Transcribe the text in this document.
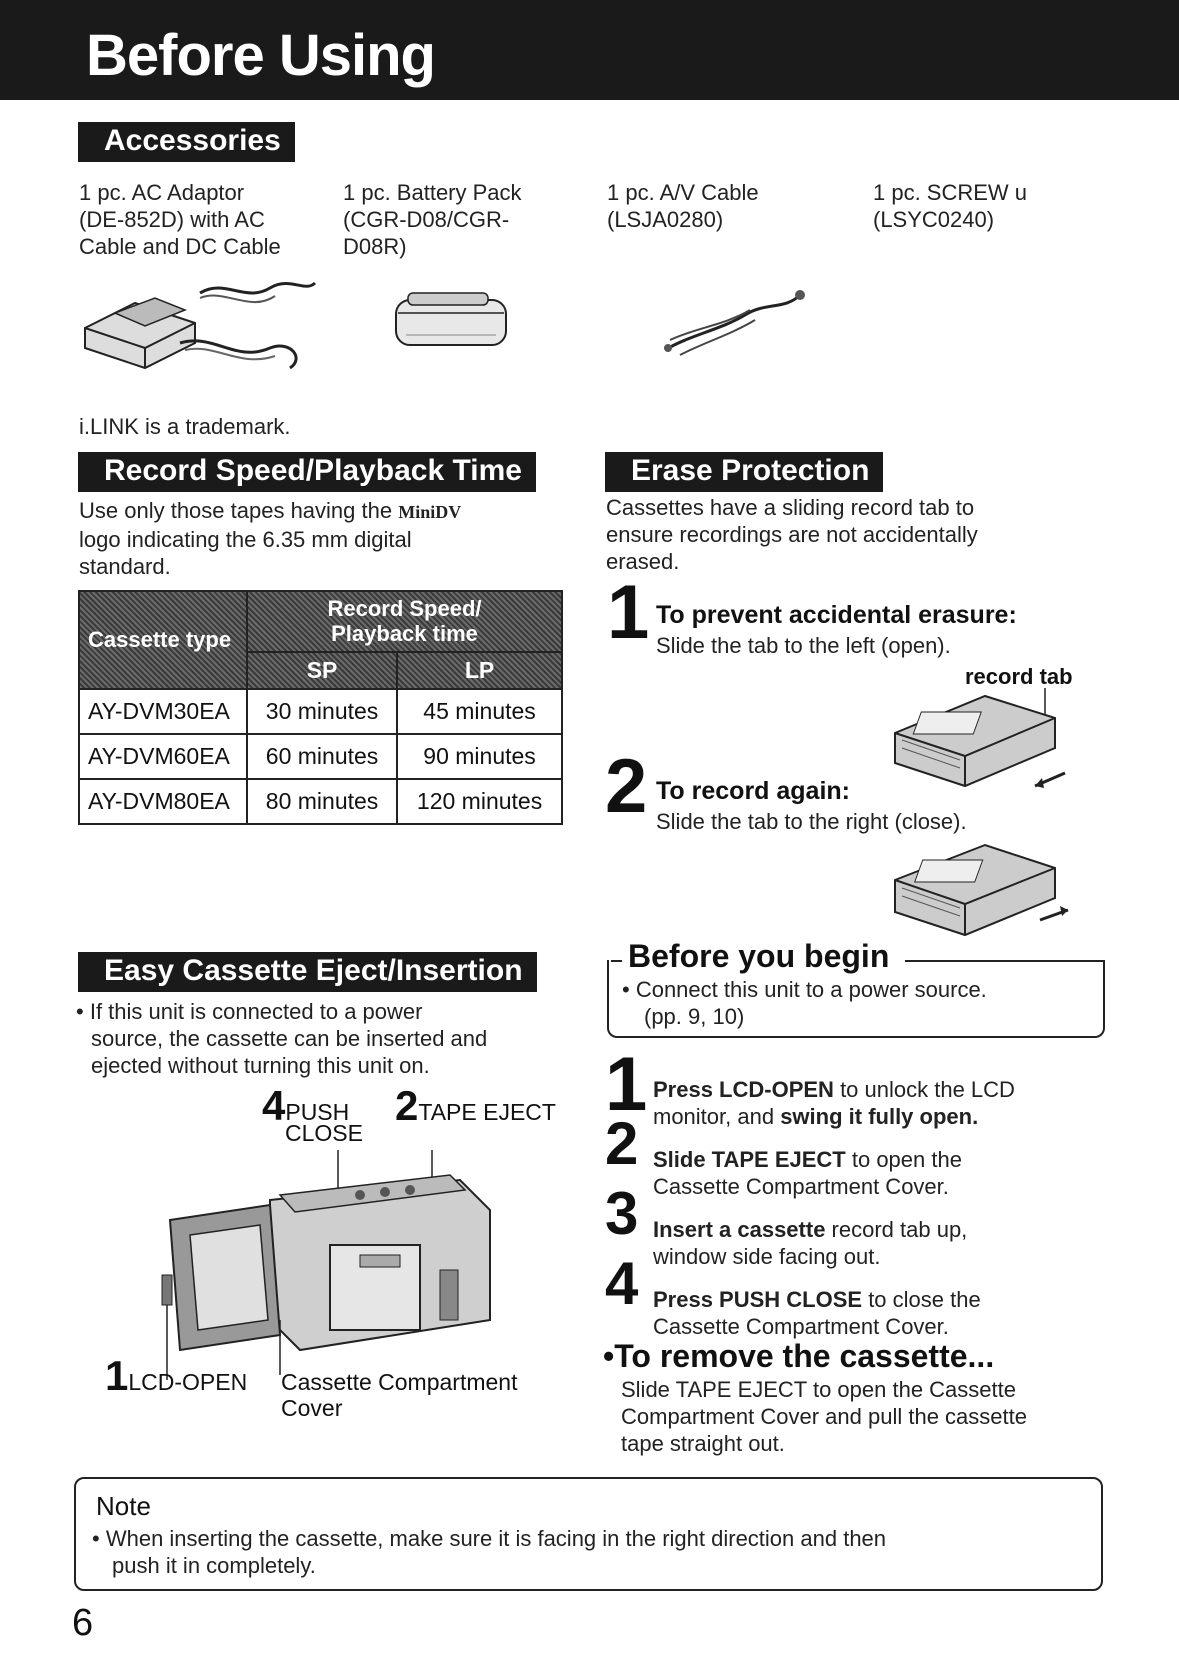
Before Using
Accessories
1 pc. AC Adaptor
(DE-852D) with AC
Cable and DC Cable
1 pc. Battery Pack
(CGR-D08/CGR-
D08R)
1 pc. A/V Cable
(LSJA0280)
1 pc. SCREW u
(LSYC0240)
i.LINK is a trademark.
Record Speed/Playback Time
Use only those tapes having the MiniDV
logo indicating the 6.35 mm digital
standard.
Cassette type	Record Speed/
Playback time	

	SP	LP
AY-DVM30EA	30 minutes	45 minutes
AY-DVM60EA	60 minutes	90 minutes
AY-DVM80EA	80 minutes	120 minutes
Erase Protection
Cassettes have a sliding record tab to
ensure recordings are not accidentally
erased.
1 To prevent accidental erasure:
Slide the tab to the left (open).
record tab
2 To record again:
Slide the tab to the right (close).
Easy Cassette Eject/Insertion
• If this unit is connected to a power
source, the cassette can be inserted and
ejected without turning this unit on.
4PUSH
CLOSE
2TAPE EJECT
1LCD-OPEN Cassette Compartment
Cover
Before you begin
• Connect this unit to a power source.
(pp. 9, 10)
1 Press LCD-OPEN to unlock the LCD
monitor, and swing it fully open.
2 Slide TAPE EJECT to open the
Cassette Compartment Cover.
3 Insert a cassette record tab up,
window side facing out.
4 Press PUSH CLOSE to close the
Cassette Compartment Cover.
•To remove the cassette...
Slide TAPE EJECT to open the Cassette
Compartment Cover and pull the cassette
tape straight out.
Note
• When inserting the cassette, make sure it is facing in the right direction and then
push it in completely.
6
